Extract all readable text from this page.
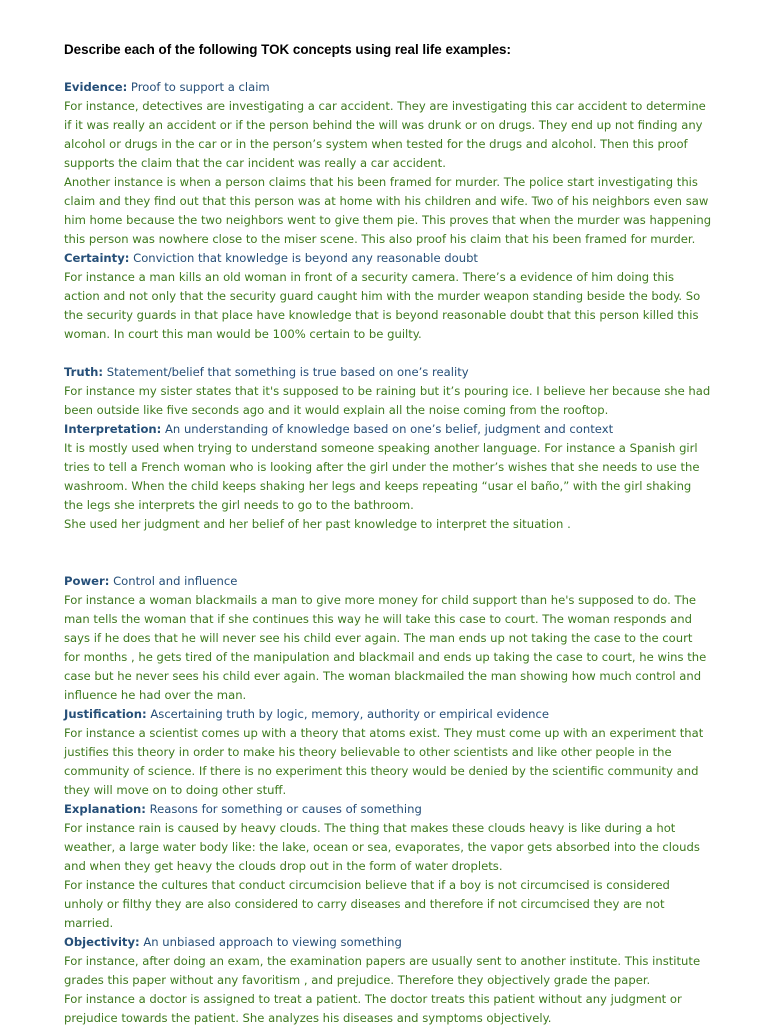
Describe each of the following TOK concepts using real life examples:

Evidence: Proof to support a claim

For instance, detectives are investigating a car accident. They are investigating this car accident to determine if it was really an accident or if the person behind the will was drunk or on drugs. They end up not finding any alcohol or drugs in the car or in the person’s system when tested for the drugs and alcohol. Then this proof supports the claim that the car incident was really a car accident.

Another instance is when a person claims that his been framed for murder. The police start investigating this claim and they find out that this person was at home with his children and wife. Two of his neighbors even saw him home because the two neighbors went to give them pie. This proves that when the murder was happening this person was nowhere close to the miser scene. This also proof his claim that his been framed for murder.

Certainty: Conviction that knowledge is beyond any reasonable doubt

For instance a man kills an old woman in front of a security camera. There’s a evidence of him doing this action and not only that the security guard caught him with the murder weapon standing beside the body. So the security guards in that place have knowledge that is beyond reasonable doubt that this person killed this woman. In court this man would be 100% certain to be guilty.

Truth: Statement/belief that something is true based on one’s reality

For instance my sister states that it's supposed to be raining but it’s pouring ice. I believe her because she had been outside like five seconds ago and it would explain all the noise coming from the rooftop.

Interpretation: An understanding of knowledge based on one’s belief, judgment and context

It is mostly used when trying to understand someone speaking another language. For instance a Spanish girl tries to tell a French woman who is looking after the girl under the mother’s wishes that she needs to use the washroom. When the child keeps shaking her legs and keeps repeating “usar el baño,” with the girl shaking the legs she interprets the girl needs to go to the bathroom.

She used her judgment and her belief of her past knowledge to interpret the situation .

Power: Control and influence

For instance a woman blackmails a man to give more money for child support than he's supposed to do. The man tells the woman that if she continues this way he will take this case to court. The woman responds and says if he does that he will never see his child ever again. The man ends up not taking the case to the court for months , he gets tired of the manipulation and blackmail and ends up taking the case to court, he wins the case but he never sees his child ever again. The woman blackmailed the man showing how much control and influence he had over the man.

Justification: Ascertaining truth by logic, memory, authority or empirical evidence

For instance a scientist comes up with a theory that atoms exist. They must come up with an experiment that justifies this theory in order to make his theory believable to other scientists and like other people in the community of science. If there is no experiment this theory would be denied by the scientific community and they will move on to doing other stuff.

Explanation: Reasons for something or causes of something

For instance rain is caused by heavy clouds. The thing that makes these clouds heavy is like during a hot weather, a large water body like: the lake, ocean or sea, evaporates, the vapor gets absorbed into the clouds and when they get heavy the clouds drop out in the form of water droplets.

For instance the cultures that conduct circumcision believe that if a boy is not circumcised is considered unholy or filthy they are also considered to carry diseases and therefore if not circumcised they are not married.

Objectivity: An unbiased approach to viewing something

For instance, after doing an exam, the examination papers are usually sent to another institute. This institute grades this paper without any favoritism , and prejudice. Therefore they objectively grade the paper.

For instance a doctor is assigned to treat a patient. The doctor treats this patient without any judgment or prejudice towards the patient. She analyzes his diseases and symptoms objectively.
